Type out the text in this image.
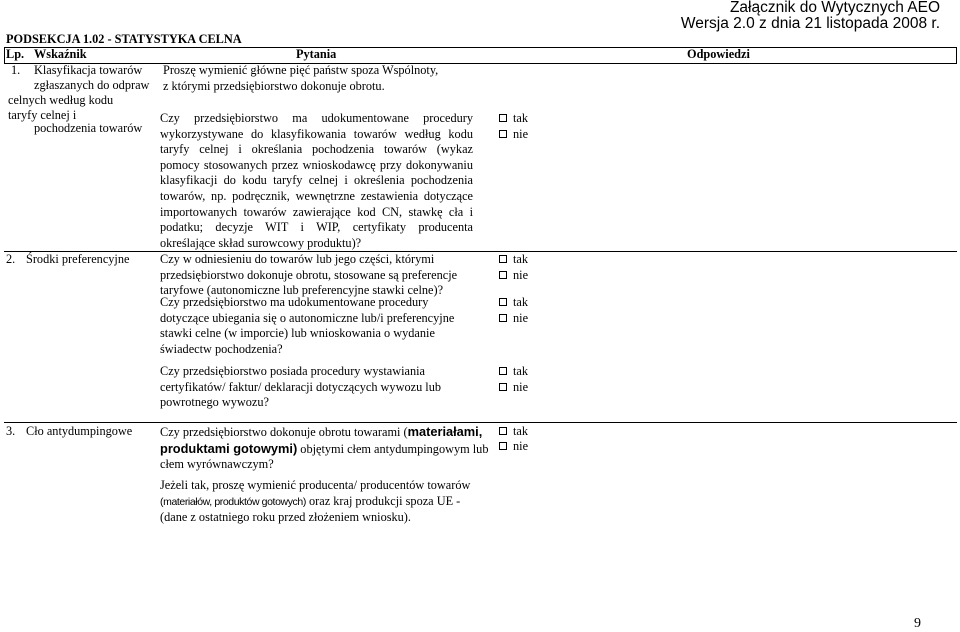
Załącznik do Wytycznych AEO
Wersja 2.0 z dnia 21 listopada 2008 r.
PODSEKCJA 1.02 - STATYSTYKA CELNA
Lp. Wskaźnik	Pytania	Odpowiedzi
1. Klasyfikacja towarów
zgłaszanych do odpraw
celnych według kodu
taryfy celnej i
pochodzenia towarów
Proszę wymienić główne pięć państw spoza Wspólnoty,
z którymi przedsiębiorstwo dokonuje obrotu.
Czy przedsiębiorstwo ma udokumentowane procedury wykorzystywane do klasyfikowania towarów według kodu taryfy celnej i określania pochodzenia towarów (wykaz pomocy stosowanych przez wnioskodawcę przy dokonywaniu klasyfikacji do kodu taryfy celnej i określenia pochodzenia towarów, np. podręcznik, wewnętrzne zestawienia dotyczące importowanych towarów zawierające kod CN, stawkę cła i podatku; decyzje WIT i WIP, certyfikaty producenta określające skład surowcowy produktu)?
tak
nie
2. Środki preferencyjne Czy w odniesieniu do towarów lub jego części, którymi
przedsiębiorstwo dokonuje obrotu, stosowane są preferencje
taryfowe (autonomiczne lub preferencyjne stawki celne)?
tak
nie
Czy przedsiębiorstwo ma udokumentowane procedury
dotyczące ubiegania się o autonomiczne lub/i preferencyjne
stawki celne (w imporcie) lub wnioskowania o wydanie
świadectw pochodzenia?
tak
nie
Czy przedsiębiorstwo posiada procedury wystawiania
certyfikatów/ faktur/ deklaracji dotyczących wywozu lub
powrotnego wywozu?
tak
nie
3. Cło antydumpingowe Czy przedsiębiorstwo dokonuje obrotu towarami (materiałami,
produktami gotowymi) objętymi cłem antydumpingowym lub
cłem wyrównawczym?
tak
nie
Jeżeli tak, proszę wymienić producenta/ producentów towarów
(materiałów, produktów gotowych) oraz kraj produkcji spoza UE -
(dane z ostatniego roku przed złożeniem wniosku).
9
